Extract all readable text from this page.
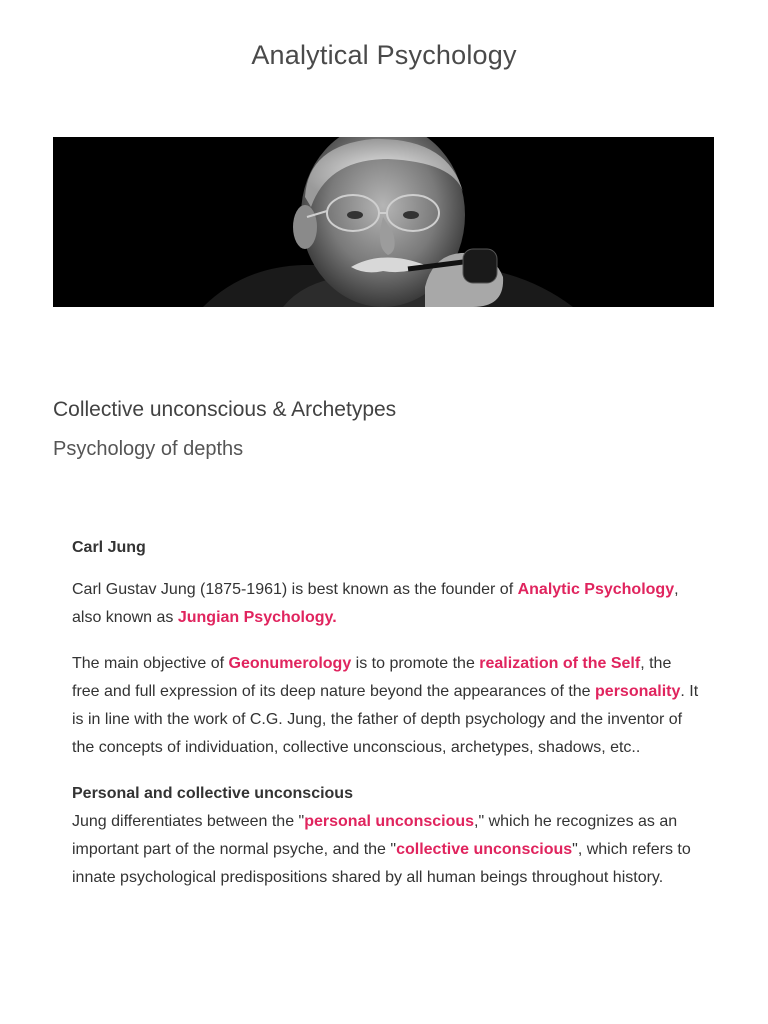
Analytical Psychology
Collective unconscious & Archetypes
Psychology of depths

Carl Jung

Carl Gustav Jung (1875-1961) is best known as the founder of Analytic Psychology, also known as Jungian Psychology.

The main objective of Geonumerology is to promote the realization of the Self, the free and full expression of its deep nature beyond the appearances of the personality. It is in line with the work of C.G. Jung, the father of depth psychology and the inventor of the concepts of individuation, collective unconscious, archetypes, shadows, etc..

Personal and collective unconscious

Jung differentiates between the "personal unconscious," which he recognizes as an important part of the normal psyche, and the "collective unconscious", which refers to innate psychological predispositions shared by all human beings throughout history.
